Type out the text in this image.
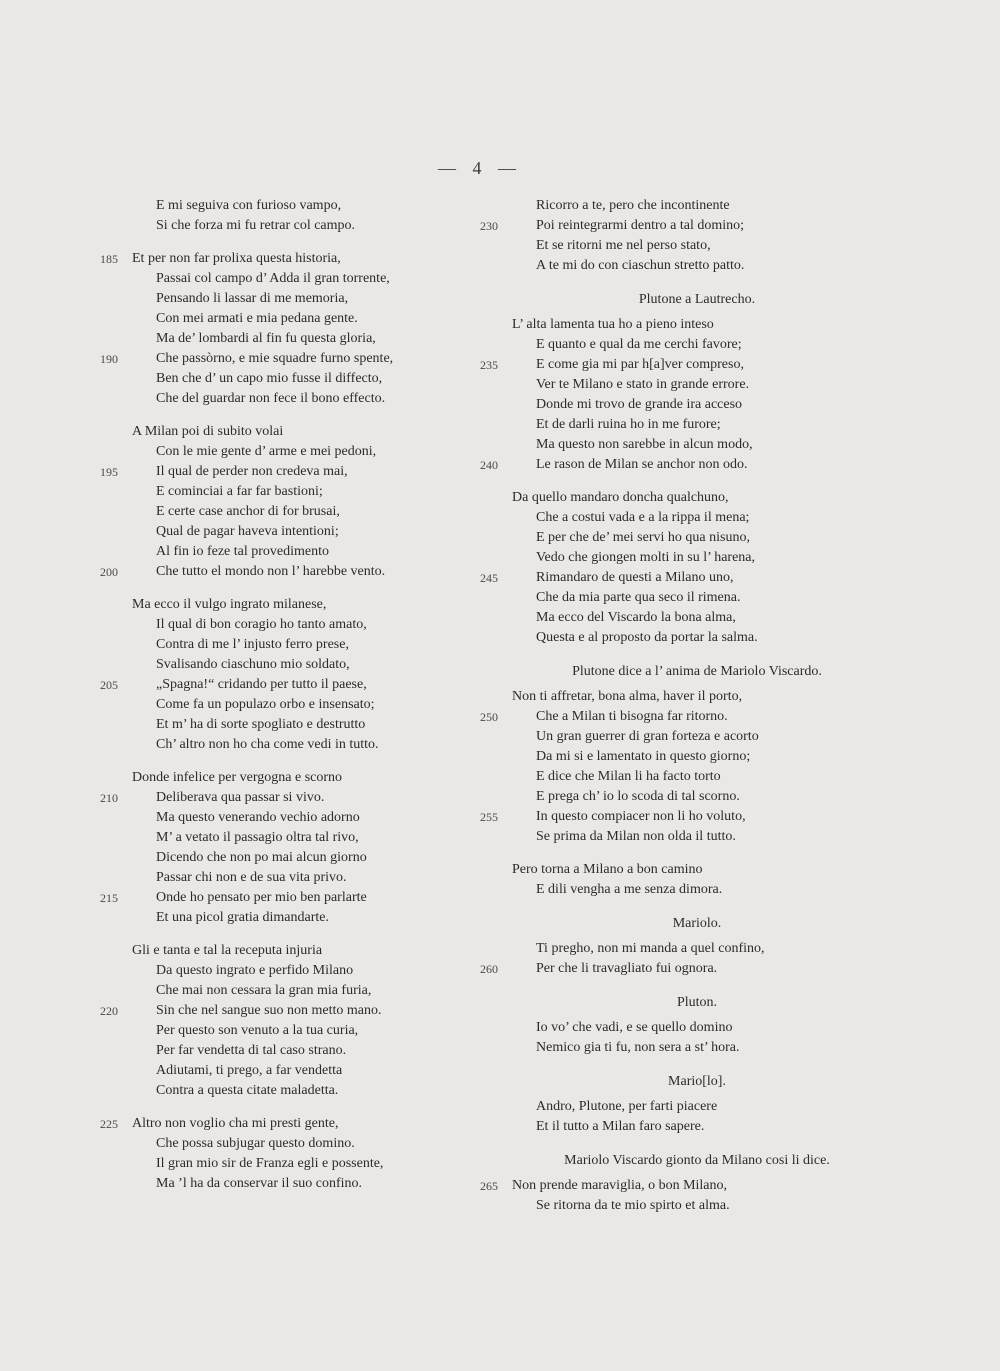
— 4 —
E mi seguiva con furioso vampo,
Si che forza mi fu retrar col campo.
185 Et per non far prolixa questa historia,
Passai col campo d’ Adda il gran torrente,
Pensando li lassar di me memoria,
Con mei armati e mia pedana gente.
Ma de’ lombardi al fin fu questa gloria,
190	Che passòrno, e mie squadre furno spente,
Ben che d’ un capo mio fusse il diffecto,
Che del guardar non fece il bono effecto.
A Milan poi di subito volai
Con le mie gente d’ arme e mei pedoni,
195	Il qual de perder non credeva mai,
E cominciai a far far bastioni;
E certe case anchor di for brusai,
Qual de pagar haveva intentioni;
Al fin io feze tal provedimento
200	Che tutto el mondo non l’ harebbe vento.
Ma ecco il vulgo ingrato milanese,
Il qual di bon coragio ho tanto amato,
Contra di me l’ injusto ferro prese,
Svalisando ciaschuno mio soldato,
205	„Spagna!“ cridando per tutto il paese,
Come fa un populazo orbo e insensato;
Et m’ ha di sorte spogliato e destrutto
Ch’ altro non ho cha come vedi in tutto.
Donde infelice per vergogna e scorno
210	Deliberava qua passar si vivo.
Ma questo venerando vechio adorno
M’ a vetato il passagio oltra tal rivo,
Dicendo che non po mai alcun giorno
Passar chi non e de sua vita privo.
215	Onde ho pensato per mio ben parlarte
Et una picol gratia dimandarte.
Gli e tanta e tal la receputa injuria
Da questo ingrato e perfido Milano
Che mai non cessara la gran mia furia,
220	Sin che nel sangue suo non metto mano.
Per questo son venuto a la tua curia,
Per far vendetta di tal caso strano.
Adiutami, ti prego, a far vendetta
Contra a questa citate maladetta.
225 Altro non voglio cha mi presti gente,
Che possa subjugar questo domino.
Il gran mio sir de Franza egli e possente,
Ma ’l ha da conservar il suo confino.
Ricorro a te, pero che incontinente
230	Poi reintegrarmi dentro a tal domino;
Et se ritorni me nel perso stato,
A te mi do con ciaschun stretto patto.
Plutone a Lautrecho.
L’ alta lamenta tua ho a pieno inteso
E quanto e qual da me cerchi favore;
235	E come gia mi par h[a]ver compreso,
Ver te Milano e stato in grande errore.
Donde mi trovo de grande ira acceso
Et de darli ruina ho in me furore;
Ma questo non sarebbe in alcun modo,
240	Le rason de Milan se anchor non odo.
Da quello mandaro doncha qualchuno,
Che a costui vada e a la rippa il mena;
E per che de’ mei servi ho qua nisuno,
Vedo che giongen molti in su l’ harena,
245	Rimandaro de questi a Milano uno,
Che da mia parte qua seco il rimena.
Ma ecco del Viscardo la bona alma,
Questa e al proposto da portar la salma.
Plutone dice a l’ anima de Mariolo Viscardo.
Non ti affretar, bona alma, haver il porto,
250	Che a Milan ti bisogna far ritorno.
Un gran guerrer di gran forteza e acorto
Da mi si e lamentato in questo giorno;
E dice che Milan li ha facto torto
E prega ch’ io lo scoda di tal scorno.
255	In questo compiacer non li ho voluto,
Se prima da Milan non olda il tutto.
Pero torna a Milano a bon camino
E dili vengha a me senza dimora.
Mariolo.
Ti pregho, non mi manda a quel confino,
260	Per che li travagliato fui ognora.
Pluton.
Io vo’ che vadi, e se quello domino
Nemico gia ti fu, non sera a st’ hora.
Mario[lo].
Andro, Plutone, per farti piacere
Et il tutto a Milan faro sapere.
Mariolo Viscardo gionto da Milano cosi li dice.
265 Non prende maraviglia, o bon Milano,
Se ritorna da te mio spirto et alma.
